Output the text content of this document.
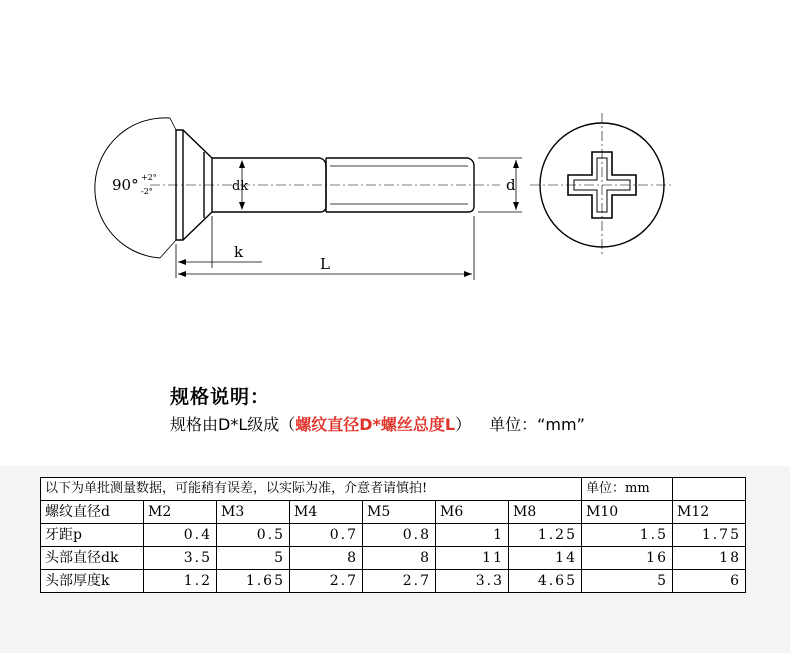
90° +2°
-2°	dk
k
L
d
规格说明：
规格由D*L级成（螺纹直径D*螺丝总度L） 单位：“mm”
以下为单批测量数据，可能稍有误差，以实际为准，介意者请慎拍!							单位：mm	
螺纹直径d	M2	M3	M4	M5	M6	M8	M10	M12
牙距p	0.4	0.5	0.7	0.8	1	1.25	1.5	1.75
头部直径dk	3.5	5	8	8	11	14	16	18
头部厚度k	1.2	1.65	2.7	2.7	3.3	4.65	5	6
